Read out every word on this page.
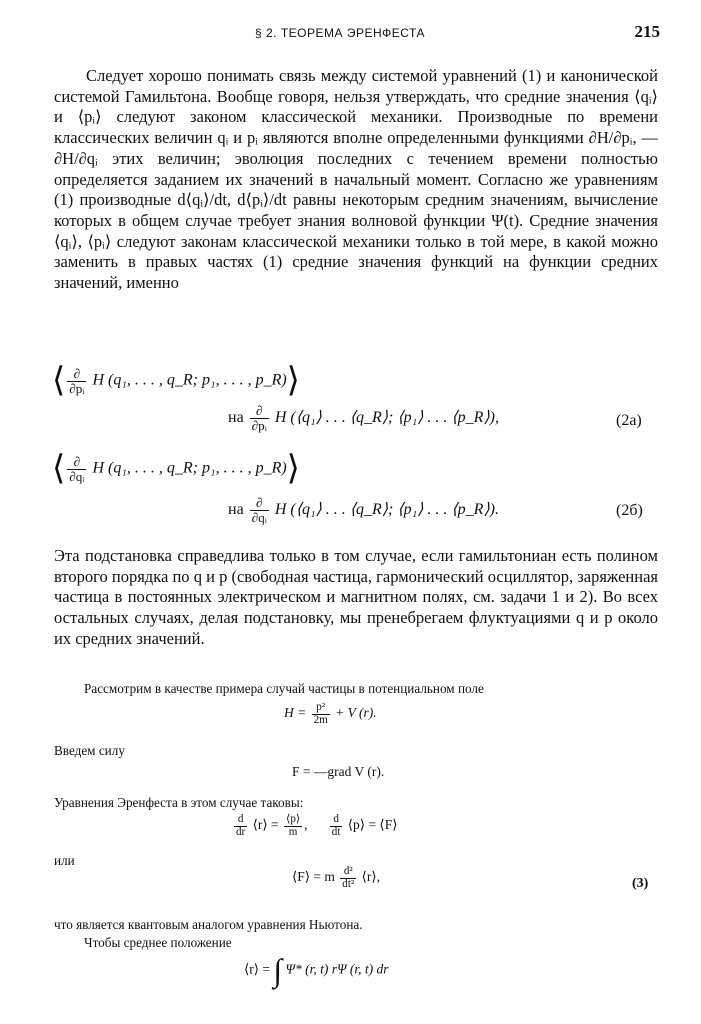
§ 2. ТЕОРЕМА ЭРЕНФЕСТА	215

Следует хорошо понимать связь между системой уравнений (1) и канонической системой Гамильтона. Вообще говоря, нельзя утверждать, что средние значения ⟨qᵢ⟩ и ⟨pᵢ⟩ следуют законом классической механики. Производные по времени классических величин qᵢ и pᵢ являются вполне определенными функциями ∂H/∂pᵢ, —∂H/∂qᵢ этих величин; эволюция последних с течением времени полностью определяется заданием их значений в начальный момент. Согласно же уравнениям (1) производные d⟨qᵢ⟩/dt, d⟨pᵢ⟩/dt равны некоторым средним значениям, вычисление которых в общем случае требует знания волновой функции Ψ(t). Средние значения ⟨qᵢ⟩, ⟨pᵢ⟩ следуют законам классической механики только в той мере, в какой можно заменить в правых частях (1) средние значения функций на функции средних значений, именно

⟨ $\frac{\partial}{\text{∂pᵢ}}$ H (q₁, . . . , q_R; p₁, . . . , p_R)⟩
на $\frac{\partial}{\text{∂pᵢ}}$ H (⟨q₁⟩ . . . ⟨q_R⟩; ⟨p₁⟩ . . . ⟨p_R⟩),	(2а)
⟨ $\frac{\partial}{\text{∂qᵢ}}$ H (q₁, . . . , q_R; p₁, . . . , p_R)⟩
на $\frac{\partial}{\text{∂qᵢ}}$ H (⟨q₁⟩ . . . ⟨q_R⟩; ⟨p₁⟩ . . . ⟨p_R⟩).	(2б)

Эта подстановка справедлива только в том случае, если гамильтониан есть полином второго порядка по q и p (свободная частица, гармонический осциллятор, заряженная частица в постоянных электрическом и магнитном полях, см. задачи 1 и 2). Во всех остальных случаях, делая подстановку, мы пренебрегаем флуктуациями q и p около их средних значений.

Рассмотрим в качестве примера случай частицы в потенциальном поле
$H = \frac{\text{p²}}{2m} + V$ (r).
Введем силу
F = —grad V (r).
Уравнения Эренфеста в этом случае таковы:
$\frac{d}{dr}$ ⟨r⟩ = $\frac{⟨p⟩}{m}$ , $\frac{d}{dt}$ ⟨p⟩ = ⟨F⟩
или
⟨F⟩ = m $\frac{\text{d²}}{\text{dt²}}$ ⟨r⟩,	(3)
что является квантовым аналогом уравнения Ньютона.
Чтобы среднее положение
⟨r⟩ = ∫ Ψ* (r, t) rΨ (r, t) dr
